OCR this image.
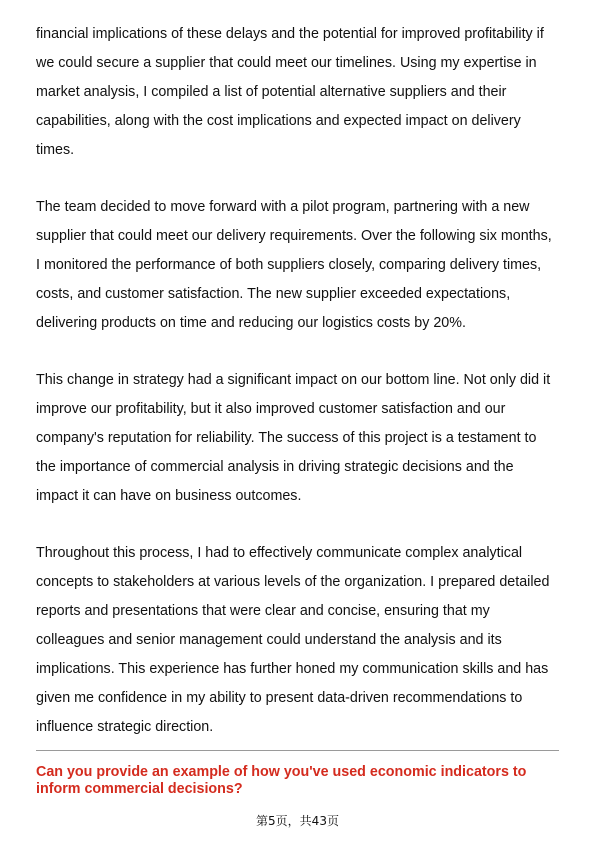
financial implications of these delays and the potential for improved profitability if
we could secure a supplier that could meet our timelines. Using my expertise in
market analysis, I compiled a list of potential alternative suppliers and their
capabilities, along with the cost implications and expected impact on delivery
times.

The team decided to move forward with a pilot program, partnering with a new
supplier that could meet our delivery requirements. Over the following six months,
I monitored the performance of both suppliers closely, comparing delivery times,
costs, and customer satisfaction. The new supplier exceeded expectations,
delivering products on time and reducing our logistics costs by 20%.

This change in strategy had a significant impact on our bottom line. Not only did it
improve our profitability, but it also improved customer satisfaction and our
company's reputation for reliability. The success of this project is a testament to
the importance of commercial analysis in driving strategic decisions and the
impact it can have on business outcomes.

Throughout this process, I had to effectively communicate complex analytical
concepts to stakeholders at various levels of the organization. I prepared detailed
reports and presentations that were clear and concise, ensuring that my
colleagues and senior management could understand the analysis and its
implications. This experience has further honed my communication skills and has
given me confidence in my ability to present data-driven recommendations to
influence strategic direction.

Can you provide an example of how you've used economic indicators to
inform commercial decisions?

第5页，共43页
